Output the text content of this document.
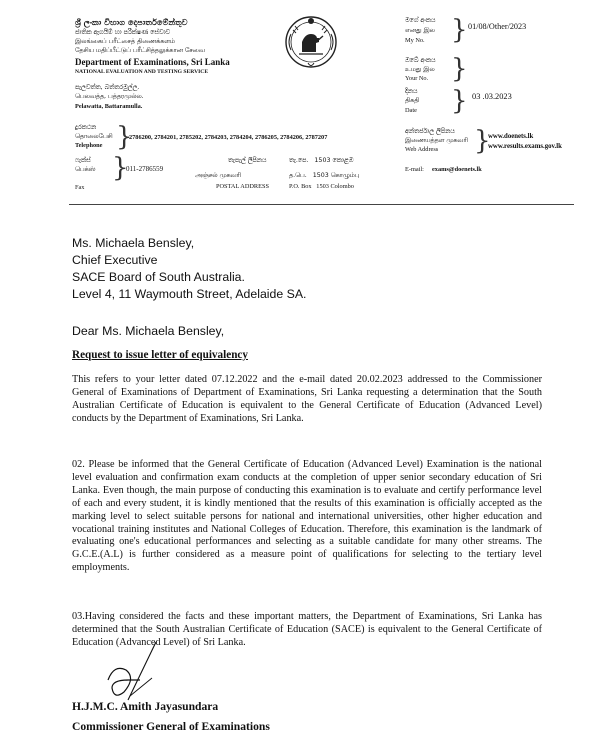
ශ්‍රී ලංකා විභාග දෙපාර්තමේන්තුව
ජාතික ඇගයීම් හා පරීක්ෂණ සේවාව
இலங்கைப் பரீட்சைத் திணைக்களம்
தேசிய மதிப்பீட்டுப் பரீட்சித்தலுக்கான சேவை
Department of Examinations, Sri Lanka
NATIONAL EVALUATION AND TESTING SERVICE
පැලවත්ත, බත්තරමුල්ල.
பெலவத்த, பத்தரமுல்ல.
Pelawatta, Battaramulla.
දුරකථන
தொலைபேசி
Telephone }
2786200, 2784201, 2785202, 2784203, 2784204, 2786205, 2784206, 2787207
ෆැක්ස්
பெக்ஸ்
Fax
}
011-2786559
තැපැල් ලිපිනය	තැ.පෙ.   1503 කොළඹ
அஞ்சல் முகவரி	த.பெ.   1503 கொழும்பு
POSTAL ADDRESS	P.O. Box   1503 Colombo
මගේ අංකය
எனது இல
My No. } 01/08/Other/2023
ඔබේ අංකය
உமது இல
Your No. }
දිනය
திகதி
Date } 03 .03.2023
අන්තර්ජාල ලිපිනය
இணையத்தள முகவரி
Web Address }
www.doenets.lk
www.results.exams.gov.lk
E-mail: exams@doenets.lk
Ms. Michaela Bensley,
Chief Executive
SACE Board of South Australia.
Level 4, 11 Waymouth Street, Adelaide SA.
Dear Ms. Michaela Bensley,
Request to issue letter of equivalency

This refers to your letter dated 07.12.2022 and the e-mail dated 20.02.2023 addressed to the Commissioner General of Examinations of Department of Examinations, Sri Lanka requesting a determination that the South Australian Certificate of Education is equivalent to the General Certificate of Education (Advanced Level) conducts by the Department of Examinations, Sri Lanka.

02. Please be informed that the General Certificate of Education (Advanced Level) Examination is the national level evaluation and confirmation exam conducts at the completion of upper senior secondary education of Sri Lanka. Even though, the main purpose of conducting this examination is to evaluate and certify performance level of each and every student, it is kindly mentioned that the results of this examination is officially accepted as the marking level to select suitable persons for national and international universities, other higher education and vocational training institutes and National Colleges of Education. Therefore, this examination is the landmark of evaluating one's educational performances and selecting as a suitable candidate for many other streams. The G.C.E.(A.L) is further considered as a measure point of qualifications for selecting to the tertiary level employments.

03.Having considered the facts and these important matters, the Department of Examinations, Sri Lanka has determined that the South Australian Certificate of Education (SACE) is equivalent to the General Certificate of Education (Advanced Level) of Sri Lanka.

H.J.M.C. Amith Jayasundara
Commissioner General of Examinations
